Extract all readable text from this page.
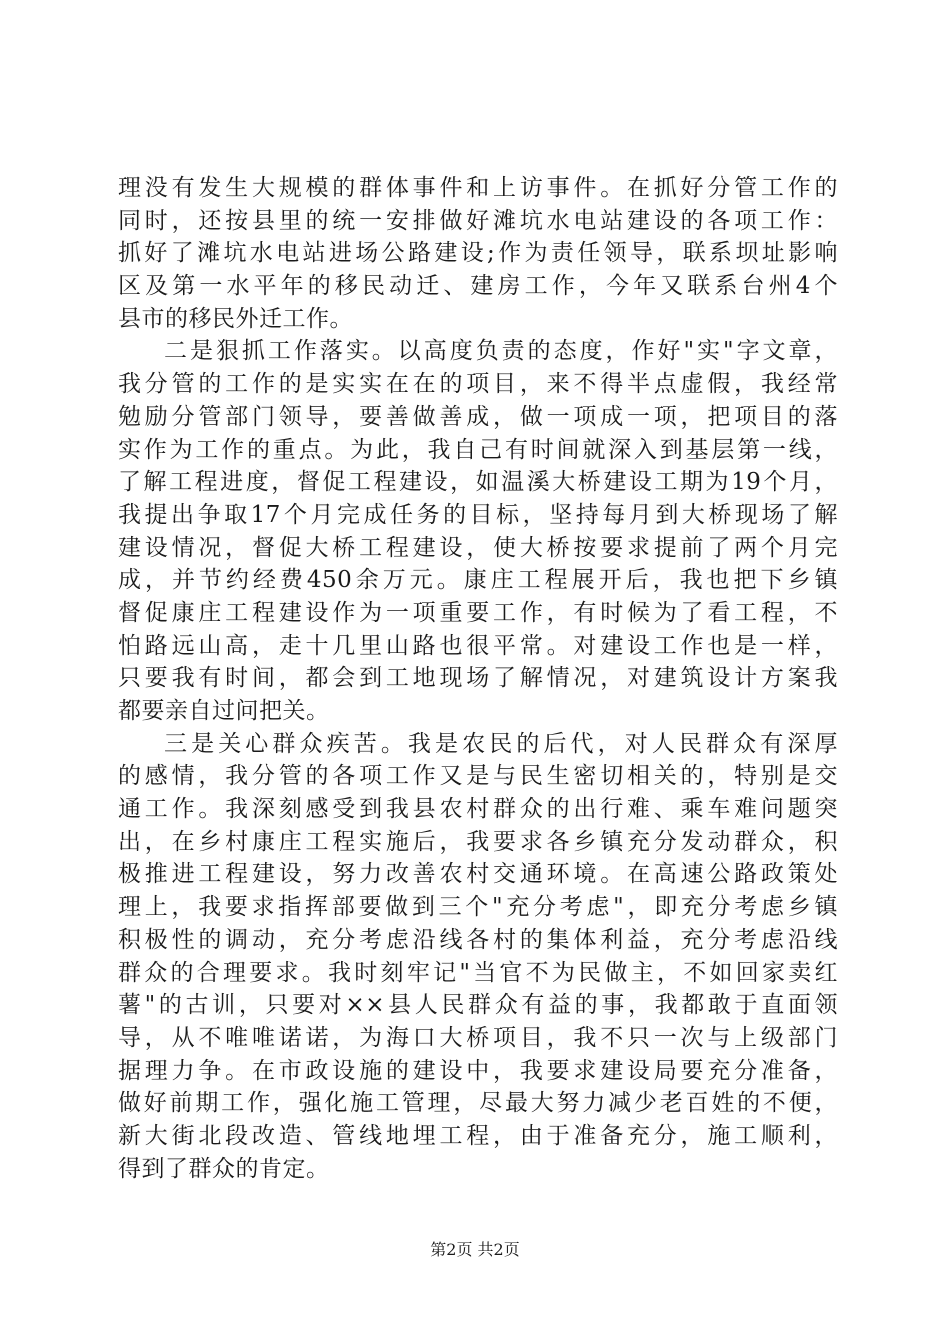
理没有发生大规模的群体事件和上访事件。在抓好分管工作的
同时，还按县里的统一安排做好滩坑水电站建设的各项工作：
抓好了滩坑水电站进场公路建设;作为责任领导，联系坝址影响
区及第一水平年的移民动迁、建房工作，今年又联系台州4个
县市的移民外迁工作。
二是狠抓工作落实。以高度负责的态度，作好"实"字文章，
我分管的工作的是实实在在的项目，来不得半点虚假，我经常
勉励分管部门领导，要善做善成，做一项成一项，把项目的落
实作为工作的重点。为此，我自己有时间就深入到基层第一线，
了解工程进度，督促工程建设，如温溪大桥建设工期为19个月，
我提出争取17个月完成任务的目标，坚持每月到大桥现场了解
建设情况，督促大桥工程建设，使大桥按要求提前了两个月完
成，并节约经费450余万元。康庄工程展开后，我也把下乡镇
督促康庄工程建设作为一项重要工作，有时候为了看工程，不
怕路远山高，走十几里山路也很平常。对建设工作也是一样，
只要我有时间，都会到工地现场了解情况，对建筑设计方案我
都要亲自过问把关。
三是关心群众疾苦。我是农民的后代，对人民群众有深厚
的感情，我分管的各项工作又是与民生密切相关的，特别是交
通工作。我深刻感受到我县农村群众的出行难、乘车难问题突
出，在乡村康庄工程实施后，我要求各乡镇充分发动群众，积
极推进工程建设，努力改善农村交通环境。在高速公路政策处
理上，我要求指挥部要做到三个"充分考虑"，即充分考虑乡镇
积极性的调动，充分考虑沿线各村的集体利益，充分考虑沿线
群众的合理要求。我时刻牢记"当官不为民做主，不如回家卖红
薯"的古训，只要对××县人民群众有益的事，我都敢于直面领
导，从不唯唯诺诺，为海口大桥项目，我不只一次与上级部门
据理力争。在市政设施的建设中，我要求建设局要充分准备，
做好前期工作，强化施工管理，尽最大努力减少老百姓的不便，
新大街北段改造、管线地埋工程，由于准备充分，施工顺利，
得到了群众的肯定。
第2页 共2页
